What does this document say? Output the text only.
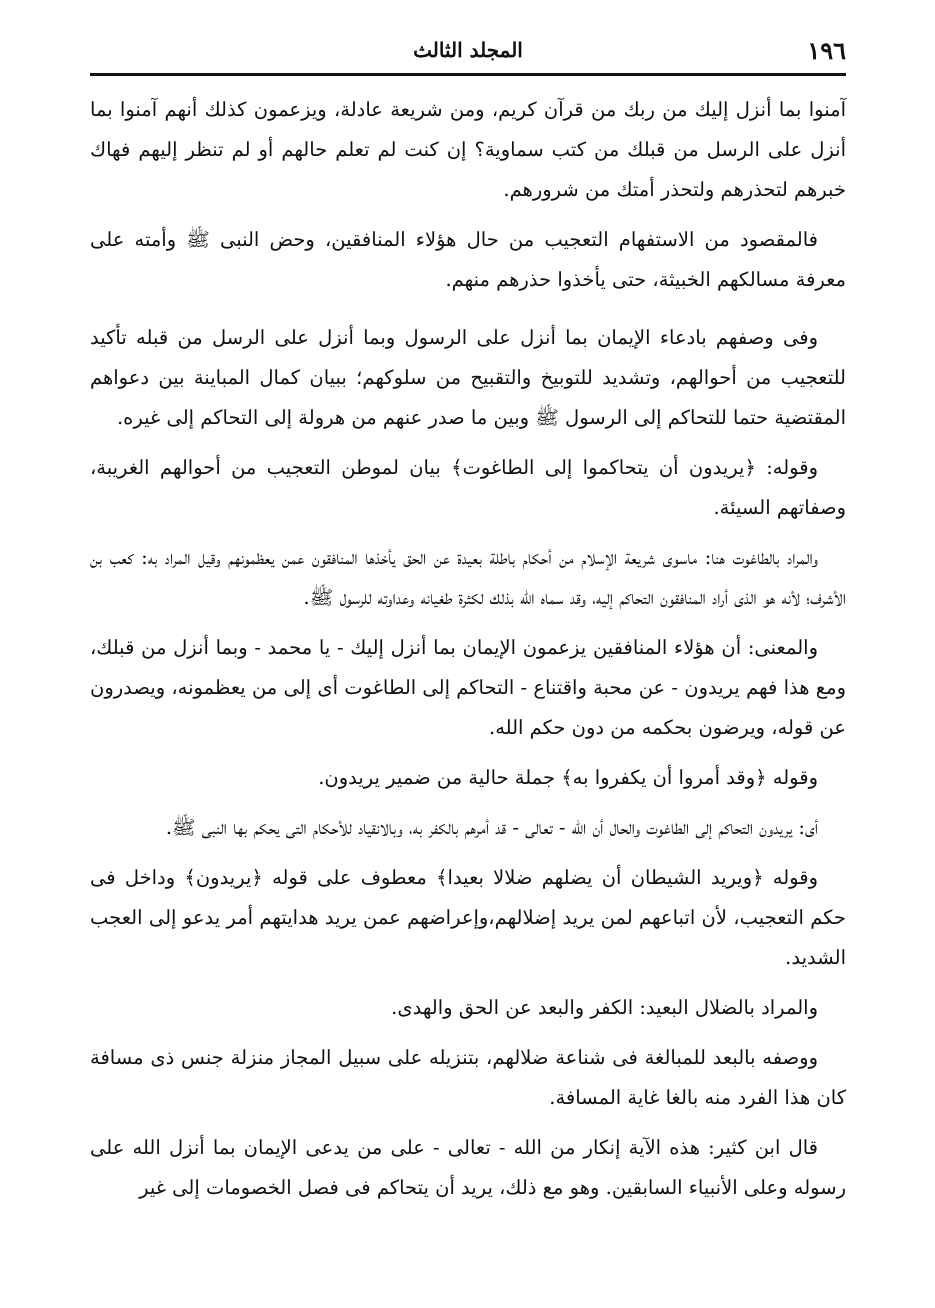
١٩٦
المجلد الثالث

آمنوا بما أنزل إليك من ربك من قرآن كريم، ومن شريعة عادلة، ويزعمون كذلك أنهم آمنوا بما أنزل على الرسل من قبلك من كتب سماوية؟ إن كنت لم تعلم حالهم أو لم تنظر إليهم فهاك خبرهم لتحذرهم ولتحذر أمتك من شرورهم.

فالمقصود من الاستفهام التعجيب من حال هؤلاء المنافقين، وحض النبى ﷺ وأمته على معرفة مسالكهم الخبيثة، حتى يأخذوا حذرهم منهم.

وفى وصفهم بادعاء الإيمان بما أنزل على الرسول وبما أنزل على الرسل من قبله تأكيد للتعجيب من أحوالهم، وتشديد للتوبيخ والتقبيح من سلوكهم؛ ببيان كمال المباينة بين دعواهم المقتضية حتما للتحاكم إلى الرسول ﷺ وبين ما صدر عنهم من هرولة إلى التحاكم إلى غيره.

وقوله: ﴿يريدون أن يتحاكموا إلى الطاغوت﴾ بيان لموطن التعجيب من أحوالهم الغريبة، وصفاتهم السيئة.

والمراد بالطاغوت هنا: ماسوى شريعة الإسلام من أحكام باطلة بعيدة عن الحق يأخذها المنافقون عمن يعظمونهم وقيل المراد به: كعب بن الأشرف؛ لأنه هو الذى أراد المنافقون التحاكم إليه، وقد سماه الله بذلك لكثرة طغيانه وعداوته للرسول ﷺ.

والمعنى: أن هؤلاء المنافقين يزعمون الإيمان بما أنزل إليك - يا محمد - وبما أنزل من قبلك، ومع هذا فهم يريدون - عن محبة واقتناع - التحاكم إلى الطاغوت أى إلى من يعظمونه، ويصدرون عن قوله، ويرضون بحكمه من دون حكم الله.

وقوله ﴿وقد أمروا أن يكفروا به﴾ جملة حالية من ضمير يريدون.

أى: يريدون التحاكم إلى الطاغوت والحال أن الله - تعالى - قد أمرهم بالكفر به، وبالانقياد للأحكام التى يحكم بها النبى ﷺ.

وقوله ﴿ويريد الشيطان أن يضلهم ضلالا بعيدا﴾ معطوف على قوله ﴿يريدون﴾ وداخل فى حكم التعجيب، لأن اتباعهم لمن يريد إضلالهم،وإعراضهم عمن يريد هدايتهم أمر يدعو إلى العجب الشديد.

والمراد بالضلال البعيد: الكفر والبعد عن الحق والهدى.

ووصفه بالبعد للمبالغة فى شناعة ضلالهم، بتنزيله على سبيل المجاز منزلة جنس ذى مسافة كان هذا الفرد منه بالغا غاية المسافة.

قال ابن كثير: هذه الآية إنكار من الله - تعالى - على من يدعى الإيمان بما أنزل الله على رسوله وعلى الأنبياء السابقين. وهو مع ذلك، يريد أن يتحاكم فى فصل الخصومات إلى غير
